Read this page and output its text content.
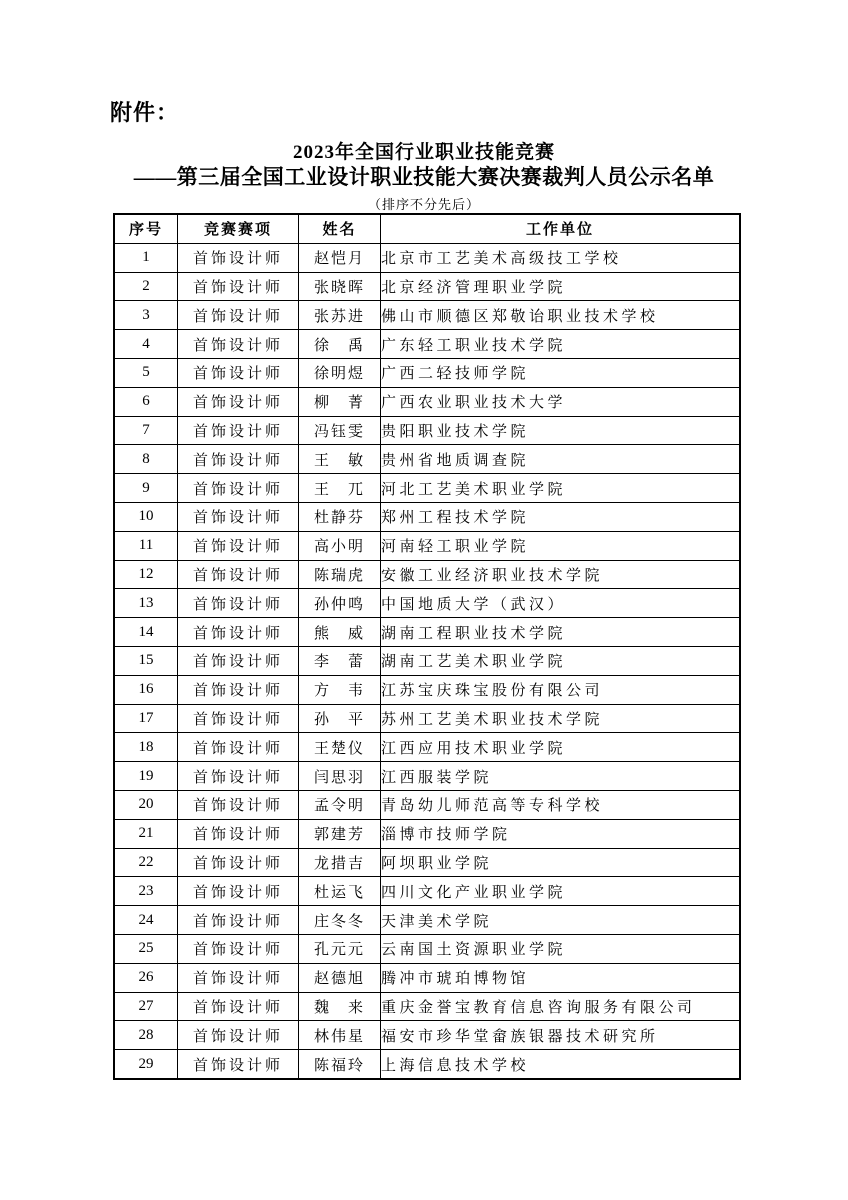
附件：
2023年全国行业职业技能竞赛
——第三届全国工业设计职业技能大赛决赛裁判人员公示名单
（排序不分先后）
序号	竞赛赛项	姓名	工作单位
1	首饰设计师	赵恺月	北京市工艺美术高级技工学校
2	首饰设计师	张晓晖	北京经济管理职业学院
3	首饰设计师	张苏进	佛山市顺德区郑敬诒职业技术学校
4	首饰设计师	徐　禹	广东轻工职业技术学院
5	首饰设计师	徐明煜	广西二轻技师学院
6	首饰设计师	柳　菁	广西农业职业技术大学
7	首饰设计师	冯钰雯	贵阳职业技术学院
8	首饰设计师	王　敏	贵州省地质调查院
9	首饰设计师	王　兀	河北工艺美术职业学院
10	首饰设计师	杜静芬	郑州工程技术学院
11	首饰设计师	高小明	河南轻工职业学院
12	首饰设计师	陈瑞虎	安徽工业经济职业技术学院
13	首饰设计师	孙仲鸣	中国地质大学（武汉）
14	首饰设计师	熊　威	湖南工程职业技术学院
15	首饰设计师	李　蕾	湖南工艺美术职业学院
16	首饰设计师	方　韦	江苏宝庆珠宝股份有限公司
17	首饰设计师	孙　平	苏州工艺美术职业技术学院
18	首饰设计师	王楚仪	江西应用技术职业学院
19	首饰设计师	闫思羽	江西服装学院
20	首饰设计师	孟令明	青岛幼儿师范高等专科学校
21	首饰设计师	郭建芳	淄博市技师学院
22	首饰设计师	龙措吉	阿坝职业学院
23	首饰设计师	杜运飞	四川文化产业职业学院
24	首饰设计师	庄冬冬	天津美术学院
25	首饰设计师	孔元元	云南国土资源职业学院
26	首饰设计师	赵德旭	腾冲市琥珀博物馆
27	首饰设计师	魏　来	重庆金誉宝教育信息咨询服务有限公司
28	首饰设计师	林伟星	福安市珍华堂畲族银器技术研究所
29	首饰设计师	陈福玲	上海信息技术学校
